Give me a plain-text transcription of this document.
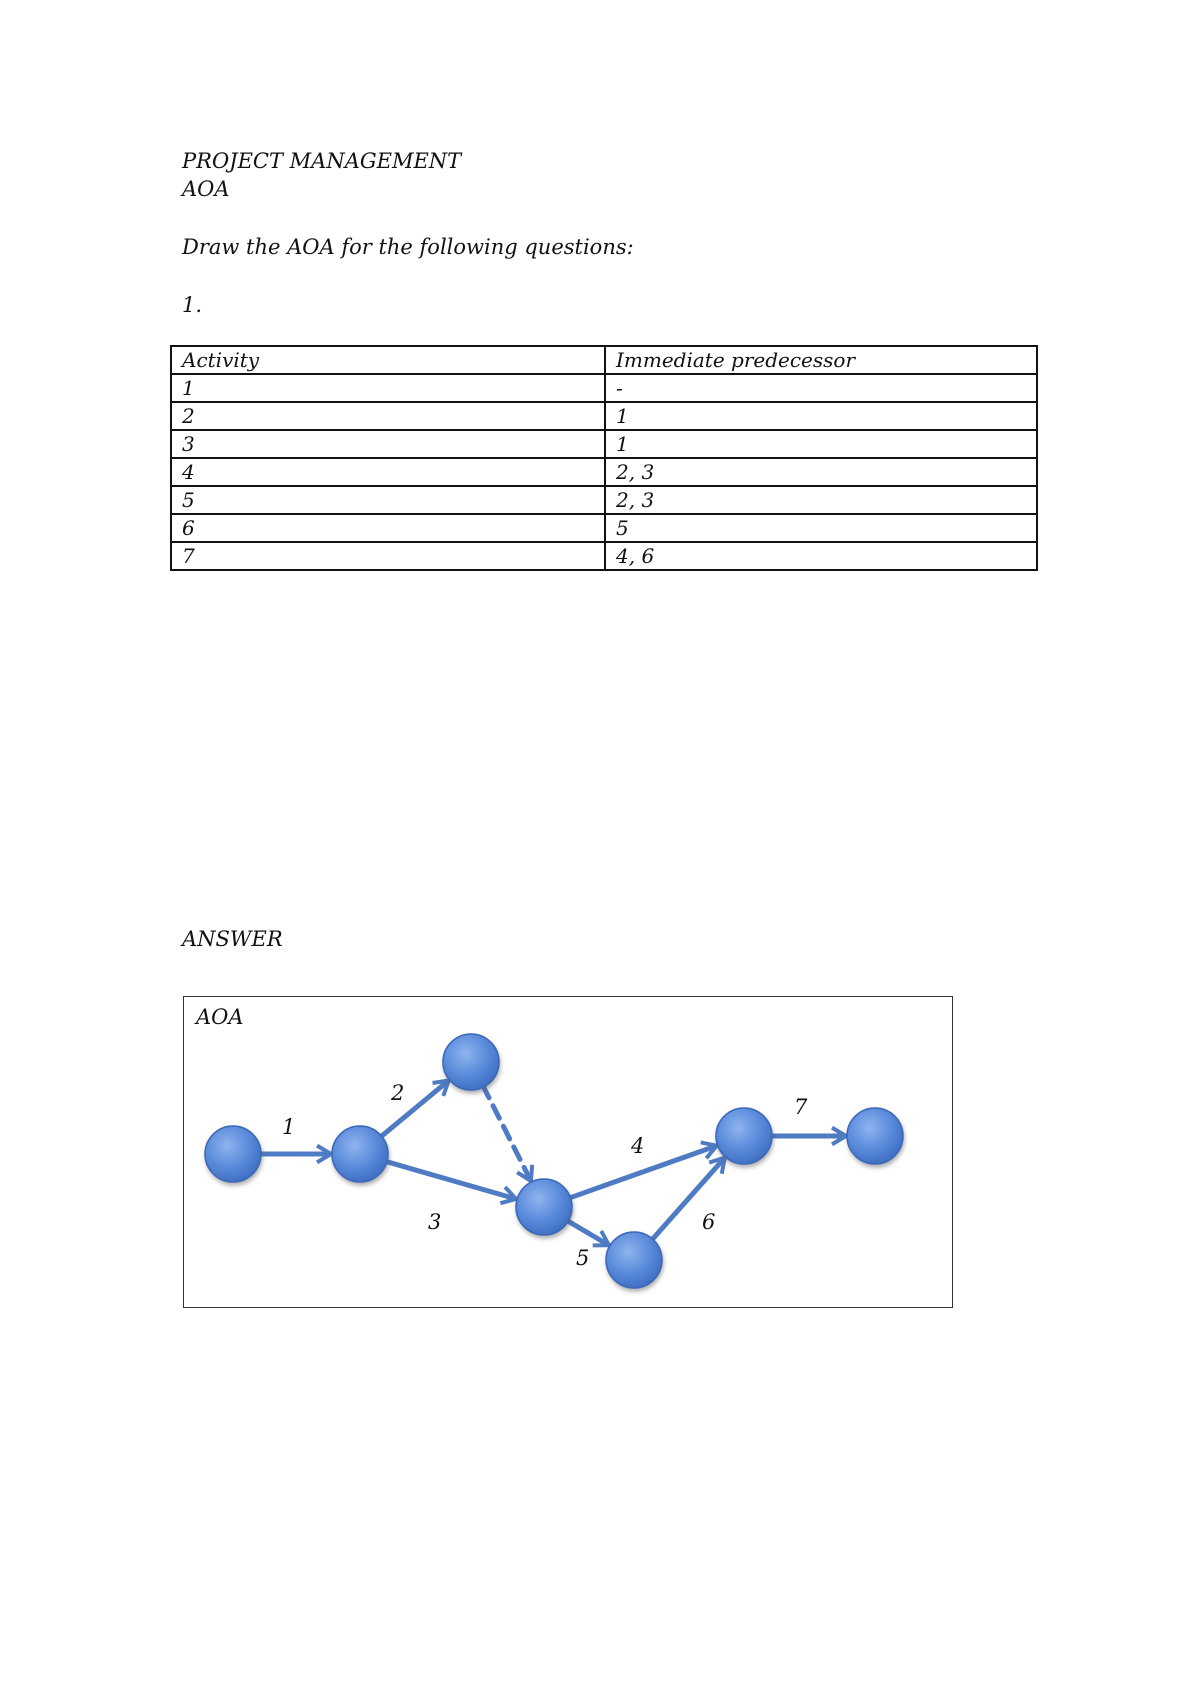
PROJECT MANAGEMENT
AOA
Draw the AOA for the following questions:
1.
Activity	Immediate predecessor
1	-
2	1
3	1
4	2, 3
5	2, 3
6	5
7	4, 6
ANSWER
AOA
1
2
3
4
5
6
7
